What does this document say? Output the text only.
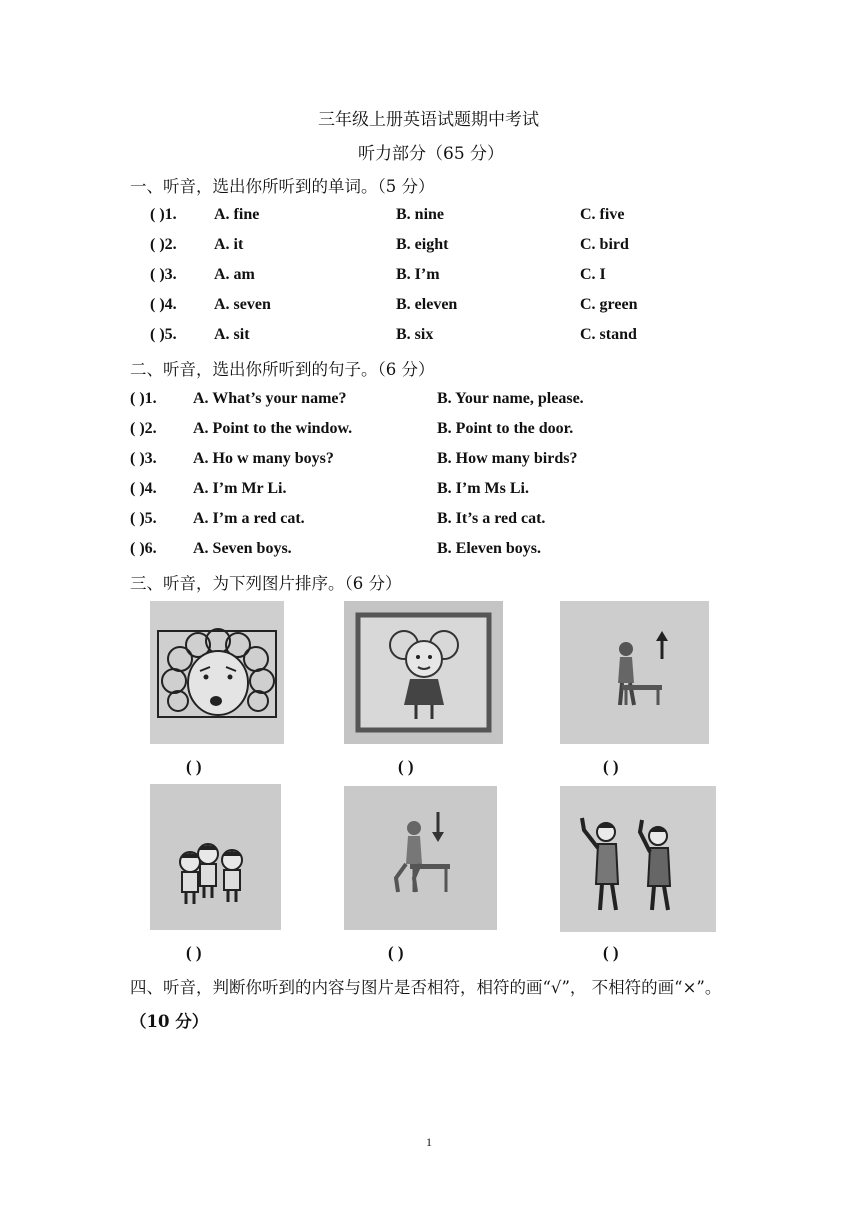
三年级上册英语试题期中考试
听力部分（65 分）
一、听音，选出你所听到的单词。（5 分）
( )1. A. fine	B. nine	C. five
( )2. A. it	B. eight	C. bird
( )3. A. am	B. I’m	C. I
( )4. A. seven	B. eleven	C. green
( )5. A. sit	B. six	C. stand
二、听音，选出你所听到的句子。（6 分）
( )1. A. What’s your name?	B. Your name, please.
( )2. A. Point to the window.	B. Point to the door.
( )3. A. Ho w many boys?	B. How many birds?
( )4. A. I’m Mr Li.	B. I’m Ms Li.
( )5. A. I’m a red cat.	B. It’s a red cat.
( )6. A. Seven boys.	B. Eleven boys.
三、听音，为下列图片排序。（6 分）
( )	( )	( )
( )	( )	( )
四、听音，判断你听到的内容与图片是否相符，相符的画“√”， 不相符的画“×”。
（10 分）
1
